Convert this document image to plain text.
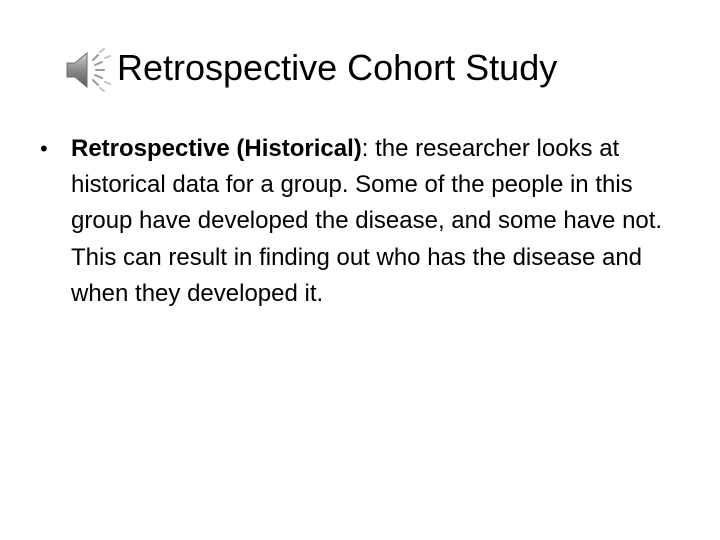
Retrospective Cohort Study
• Retrospective (Historical): the researcher looks at historical data for a group. Some of the people in this group have developed the disease, and some have not. This can result in finding out who has the disease and when they developed it.
